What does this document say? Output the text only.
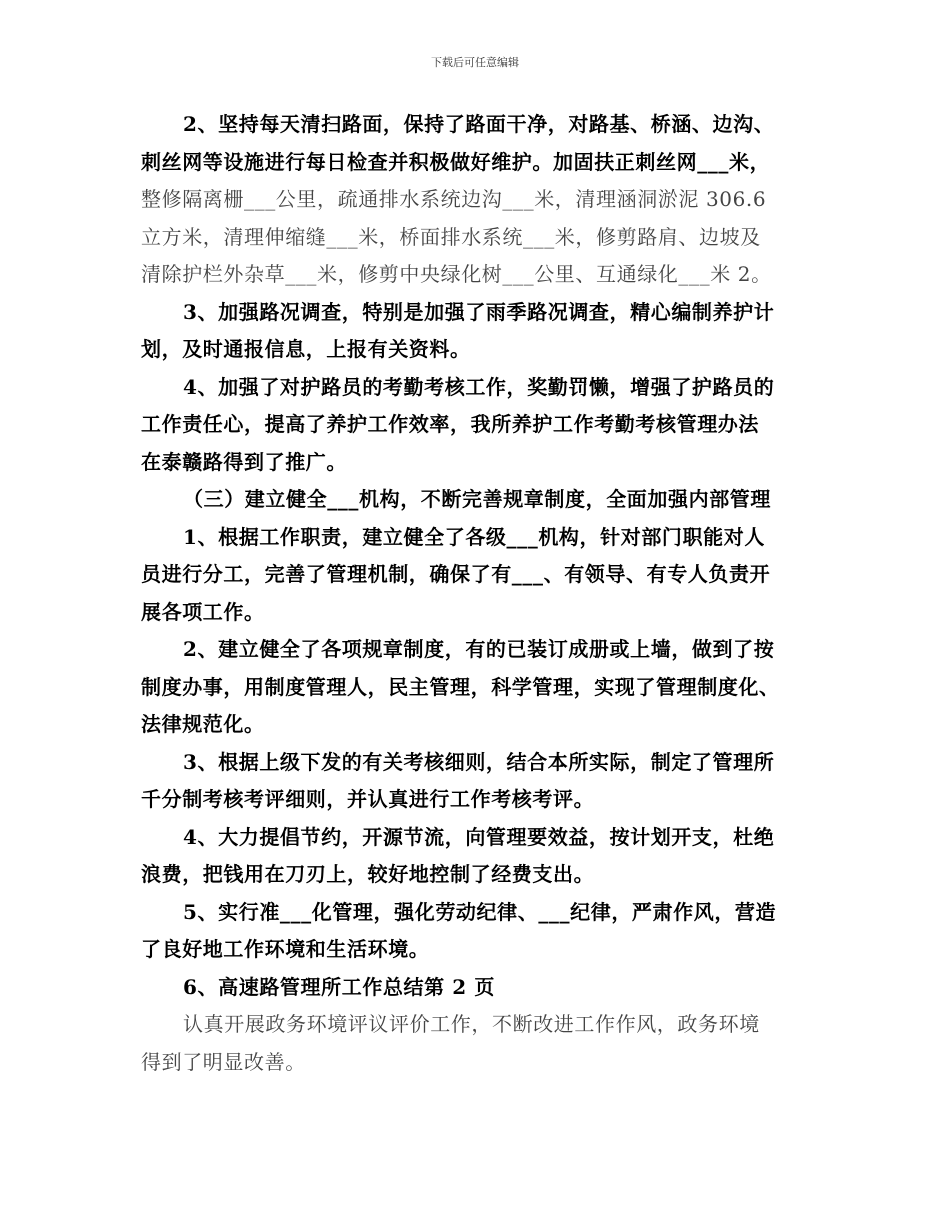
下载后可任意编辑
2、坚持每天清扫路面，保持了路面干净，对路基、桥涵、边沟、
刺丝网等设施进行每日检查并积极做好维护。加固扶正刺丝网___米，
整修隔离栅___公里，疏通排水系统边沟___米，清理涵洞淤泥 306.6
立方米，清理伸缩缝___米，桥面排水系统___米，修剪路肩、边坡及
清除护栏外杂草___米，修剪中央绿化树___公里、互通绿化___米 2。
3、加强路况调查，特别是加强了雨季路况调查，精心编制养护计
划，及时通报信息，上报有关资料。
4、加强了对护路员的考勤考核工作，奖勤罚懒，增强了护路员的
工作责任心，提高了养护工作效率，我所养护工作考勤考核管理办法
在泰赣路得到了推广。
（三）建立健全___机构，不断完善规章制度，全面加强内部管理
1、根据工作职责，建立健全了各级___机构，针对部门职能对人
员进行分工，完善了管理机制，确保了有___、有领导、有专人负责开
展各项工作。
2、建立健全了各项规章制度，有的已装订成册或上墙，做到了按
制度办事，用制度管理人，民主管理，科学管理，实现了管理制度化、
法律规范化。
3、根据上级下发的有关考核细则，结合本所实际，制定了管理所
千分制考核考评细则，并认真进行工作考核考评。
4、大力提倡节约，开源节流，向管理要效益，按计划开支，杜绝
浪费，把钱用在刀刃上，较好地控制了经费支出。
5、实行准___化管理，强化劳动纪律、___纪律，严肃作风，营造
了良好地工作环境和生活环境。
6、高速路管理所工作总结第 2 页
认真开展政务环境评议评价工作，不断改进工作作风，政务环境
得到了明显改善。
